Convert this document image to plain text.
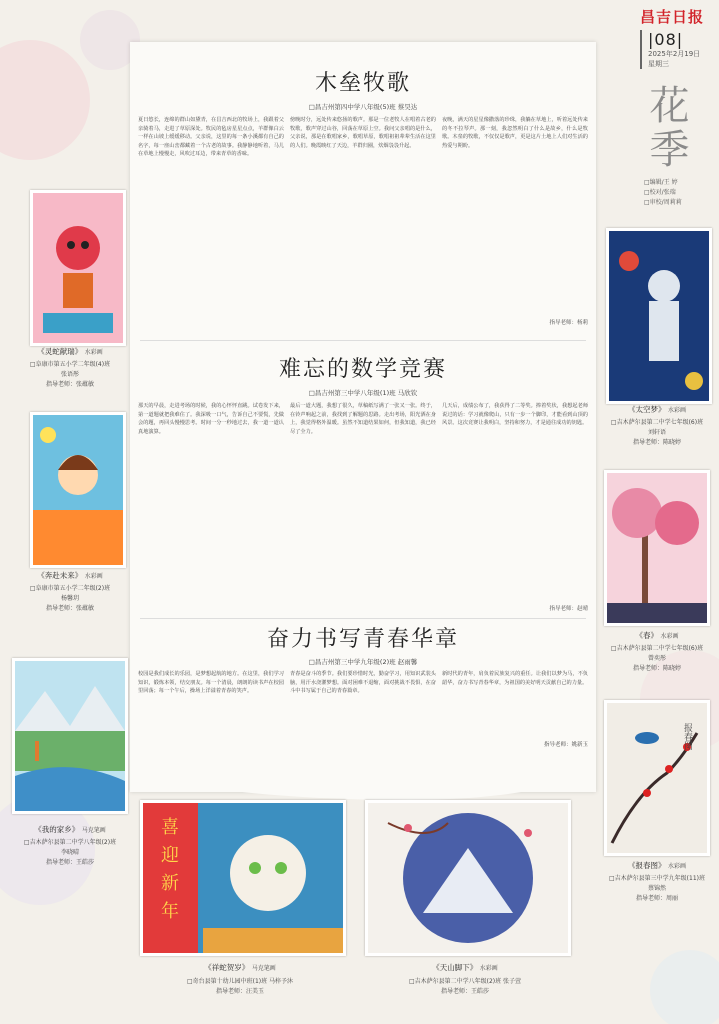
昌吉日报
|08|
2025年2月19日
星期三
花季
□编辑/王 婷
□校对/张瑞
□审校/周莉莉
木垒牧歌
□昌吉州第四中学八年级(5)班 蔡昊达
夏日悠长，连绵的群山如黛青，在昌吉西北的牧场上，我跟着父亲骑着马，走进了草原深处。牧民的毡房星星点点，羊群像白云一样在山坡上缓缓移动。父亲说，这里的每一条小溪都有自己的名字，每一座山峦都藏着一个古老的故事。我静静地听着，马儿在草地上慢慢走，风吹过耳边，带来青草的香味。
傍晚时分，远处传来悠扬的歌声。那是一位老牧人在唱着古老的牧歌，歌声穿过山谷，回荡在草原上空。我问父亲唱的是什么，父亲说，那是在歌唱家乡，歌唱草原，歌唱祖祖辈辈生活在这里的人们。晚霞映红了天边，羊群归圈，炊烟袅袅升起。
夜晚，满天的星星像撒落的珍珠，我躺在草地上，听着远处传来的冬不拉琴声。那一刻，我忽然明白了什么是故乡，什么是牧歌。木垒的牧歌，不仅仅是歌声，更是这片土地上人们对生活的热爱与期盼。
指导老师：杨莉
难忘的数学竞赛
□昌吉州第三中学八年级(1)班 马欣钦
那天的早晨，走进考场的时候，我的心怦怦直跳。试卷发下来，第一道题就把我难住了。我深吸一口气，告诉自己不要慌，先做会的题，再回头慢慢思考。时间一分一秒地过去，我一道一道认真地演算。
最后一道大题，我想了很久，草稿纸写满了一张又一张。终于，在铃声响起之前，我找到了解题的思路。走出考场，阳光洒在身上，我觉得格外温暖。虽然不知道结果如何，但我知道，我已经尽了全力。
几天后，成绩公布了，我获得了二等奖。捧着奖状，我想起老师说过的话：学习就像爬山，只有一步一个脚印，才能看到山顶的风景。这次竞赛让我明白，坚持和努力，才是通往成功的钥匙。
指导老师：赵晴
奋力书写青春华章
□昌吉州第三中学九年级(2)班 赵雨馨
校园是我们成长的乐园，是梦想起航的地方。在这里，我们学习知识，锻炼本领，结交朋友。每一个清晨，朗朗的读书声在校园里回荡；每一个午后，操场上洋溢着青春的笑声。
青春是奋斗的季节。我们要珍惜时光，勤奋学习，用知识武装头脑，用汗水浇灌梦想。面对困难不退缩，面对挑战不畏惧，在奋斗中书写属于自己的青春篇章。
新时代的青年，肩负着民族复兴的重任。让我们以梦为马，不负韶华，奋力书写青春华章，为祖国的美好明天贡献自己的力量。
指导老师：姚新玉
《灵蛇献瑞》 水彩画
□阜康市第五小学二年级(4)班
张语彤
指导老师：张蕴敏
《奔赴未来》 水彩画
□阜康市第五小学二年级(2)班
杨馨玥
指导老师：张蕴敏
《我的家乡》 马克笔画
□吉木萨尔县第二中学八年级(2)班
李晓晴
指导老师：王皓莎
喜
迎
新
年
《祥蛇贺岁》 马克笔画
□奇台县第十幼儿园中班(1)班 马梓予沐
指导老师：汪美玉
《天山脚下》 水彩画
□吉木萨尔县第二中学八年级(2)班 张子萱
指导老师：王皓莎
《太空梦》 水彩画
□吉木萨尔县第二中学七年级(6)班
刘轩语
指导老师：陈晓婷
《春》 水彩画
□吉木萨尔县第二中学七年级(6)班
曾奕彤
指导老师：陈晓婷
报春图
《报春图》 水彩画
□吉木萨尔县第三中学九年级(11)班
蔡锦然
指导老师：周丽
